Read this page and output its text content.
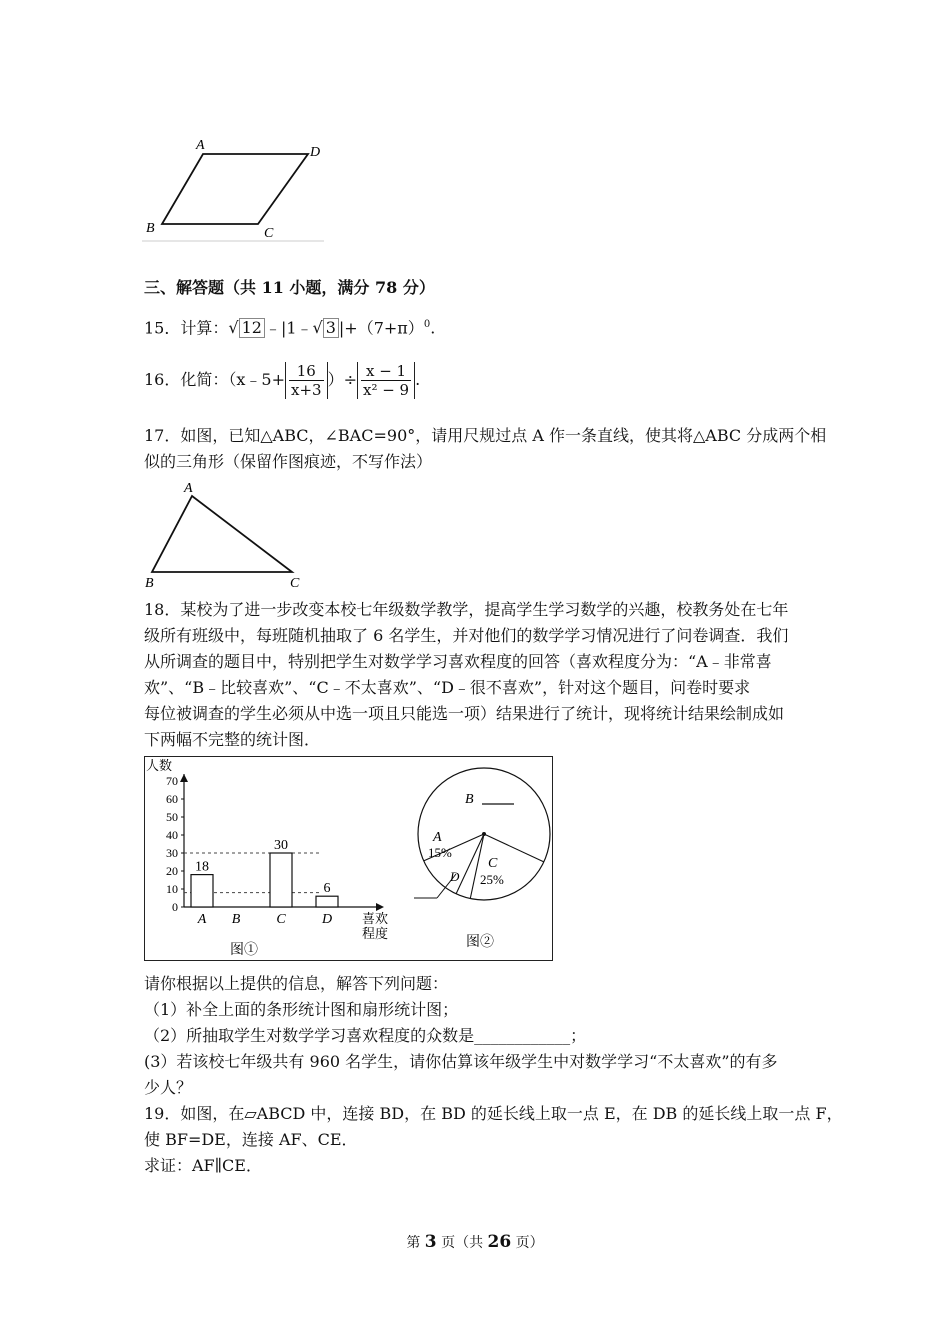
A	D
B	C
三、解答题（共 11 小题，满分 78 分）
15．计算：√ 12 ﹣|1﹣√ 3 $|+(7+\pi)^0$.
16．化简：（x﹣5+ $\frac{16}{x+3}$ ）÷ $\frac{x - 1}{\text{x² − 9}}$ .
17．如图，已知△ABC，∠BAC=90°，请用尺规过点 A 作一条直线，使其将△ABC 分成两个相
似的三角形（保留作图痕迹，不写作法）
A
B	C
18．某校为了进一步改变本校七年级数学教学，提高学生学习数学的兴趣，校教务处在七年
级所有班级中，每班随机抽取了 6 名学生，并对他们的数学学习情况进行了问卷调查．我们
从所调查的题目中，特别把学生对数学学习喜欢程度的回答（喜欢程度分为：“A﹣非常喜
欢”、“B﹣比较喜欢”、“C﹣不太喜欢”、“D﹣很不喜欢”，针对这个题目，问卷时要求
每位被调查的学生必须从中选一项且只能选一项）结果进行了统计，现将统计结果绘制成如
下两幅不完整的统计图．
人数
0
10
20
30
40
50
60
70
18
A B
30
C
6
D 喜欢
程度
图①
B
A
15%
C
25%
D
图②
请你根据以上提供的信息，解答下列问题：
（1）补全上面的条形统计图和扇形统计图；
（2）所抽取学生对数学学习喜欢程度的众数是____________；
(3）若该校七年级共有 960 名学生，请你估算该年级学生中对数学学习“不太喜欢”的有多
少人？
19．如图，在▱ABCD 中，连接 BD，在 BD 的延长线上取一点 E，在 DB 的延长线上取一点 F，
使 BF=DE，连接 AF、CE．
求证：AF∥CE．
第 3 页（共 26 页）
